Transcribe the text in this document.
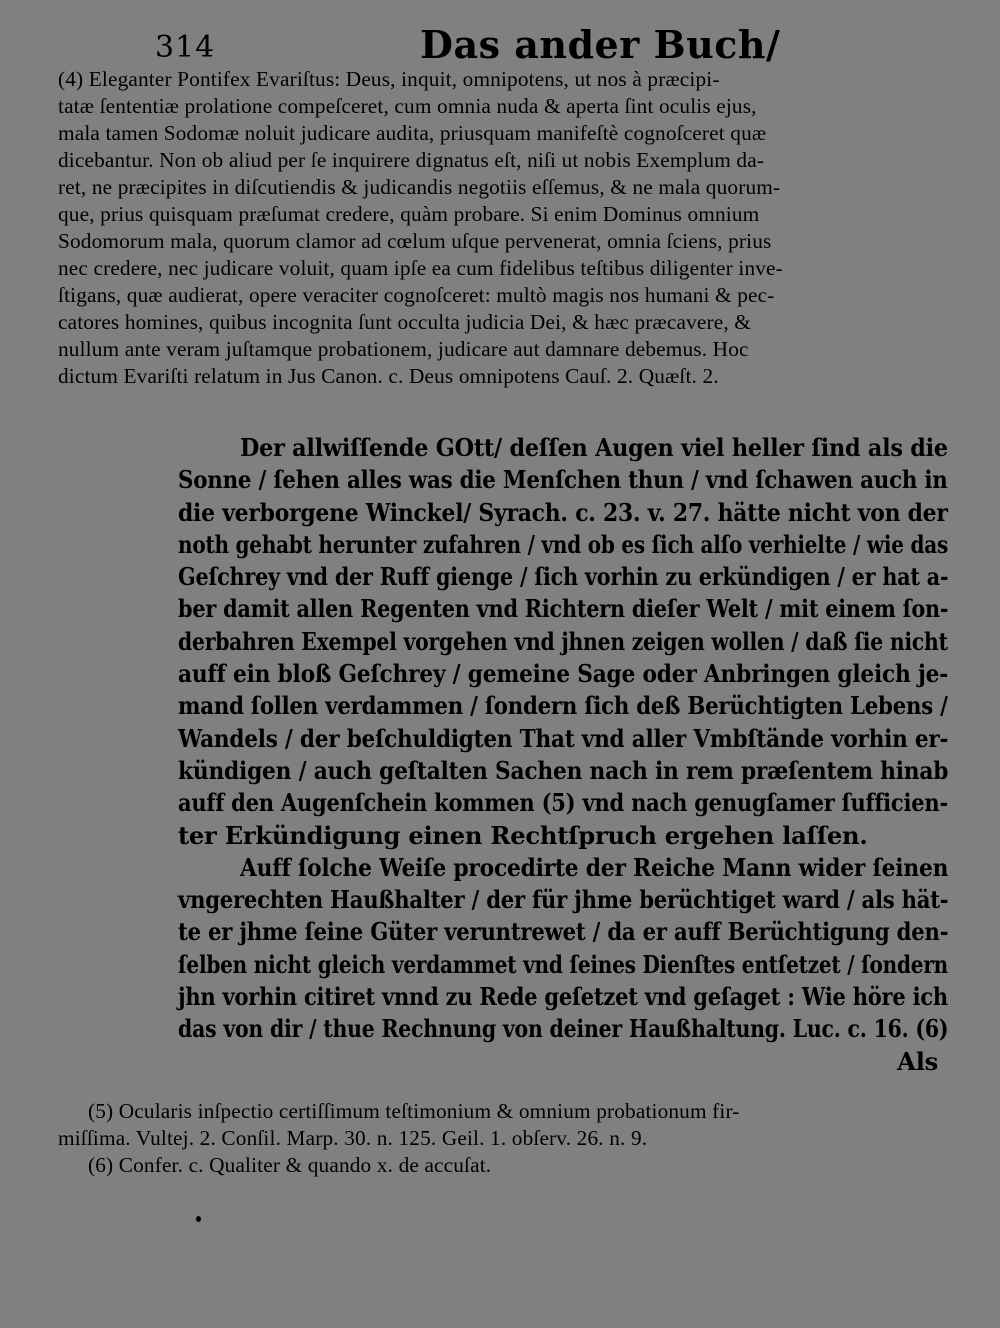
314	Das ander Buch/
(4) Eleganter Pontifex Evariſtus: Deus, inquit, omnipotens, ut nos à præcipi-
tatæ ſententiæ prolatione compeſceret, cum omnia nuda & aperta ſint oculis ejus,
mala tamen Sodomæ noluit judicare audita, priusquam manifeſtè cognoſceret quæ
dicebantur. Non ob aliud per ſe inquirere dignatus eſt, niſi ut nobis Exemplum da-
ret, ne præcipites in diſcutiendis & judicandis negotiis eſſemus, & ne mala quorum-
que, prius quisquam præſumat credere, quàm probare. Si enim Dominus omnium
Sodomorum mala, quorum clamor ad cœlum uſque pervenerat, omnia ſciens, prius
nec credere, nec judicare voluit, quam ipſe ea cum fidelibus teſtibus diligenter inve-
ſtigans, quæ audierat, opere veraciter cognoſceret: multò magis nos humani & pec-
catores homines, quibus incognita ſunt occulta judicia Dei, & hæc præcavere, &
nullum ante veram juſtamque probationem, judicare aut damnare debemus. Hoc
dictum Evariſti relatum in Jus Canon. c. Deus omnipotens Cauſ. 2. Quæſt. 2.
Der allwiſſende GOtt/ deſſen Augen viel heller ſind als die
Sonne / ſehen alles was die Menſchen thun / vnd ſchawen auch in
die verborgene Winckel/ Syrach. c. 23. v. 27. hätte nicht von der
noth gehabt herunter zufahren / vnd ob es ſich alſo verhielte / wie das
Geſchrey vnd der Ruff gienge / ſich vorhin zu erkündigen / er hat a-
ber damit allen Regenten vnd Richtern dieſer Welt / mit einem ſon-
derbahren Exempel vorgehen vnd jhnen zeigen wollen / daß ſie nicht
auff ein bloß Geſchrey / gemeine Sage oder Anbringen gleich je-
mand ſollen verdammen / ſondern ſich deß Berüchtigten Lebens /
Wandels / der beſchuldigten That vnd aller Vmbſtände vorhin er-
kündigen / auch geſtalten Sachen nach in rem præſentem hinab
auff den Augenſchein kommen (5) vnd nach genugſamer ſufficien-
ter Erkündigung einen Rechtſpruch ergehen laſſen.
Auff ſolche Weiſe procedirte der Reiche Mann wider ſeinen
vngerechten Haußhalter / der für jhme berüchtiget ward / als hät-
te er jhme ſeine Güter veruntrewet / da er auff Berüchtigung den-
ſelben nicht gleich verdammet vnd ſeines Dienſtes entſetzet / ſondern
jhn vorhin citiret vnnd zu Rede geſetzet vnd geſaget : Wie höre ich
das von dir / thue Rechnung von deiner Haußhaltung. Luc. c. 16. (6)
Als
(5) Ocularis inſpectio certiſſimum teſtimonium & omnium probationum fir-
miſſima. Vultej. 2. Conſil. Marp. 30. n. 125. Geil. 1. obſerv. 26. n. 9.
(6) Confer. c. Qualiter & quando x. de accuſat.
